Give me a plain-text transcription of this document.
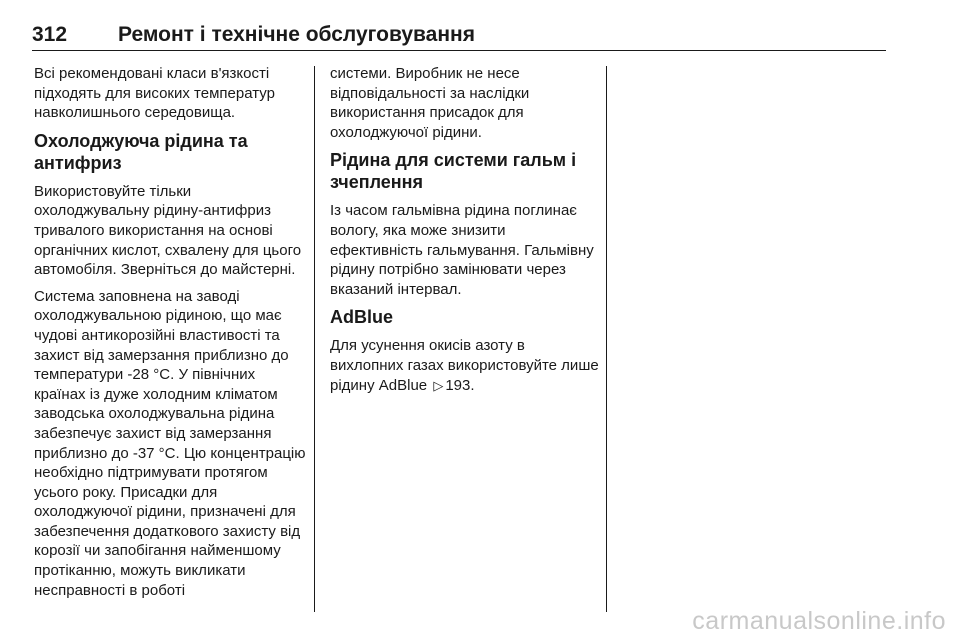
312 Ремонт і технічне обслуговування

Всі рекомендовані класи в'язкості підходять для високих температур навколишнього середовища.

Охолоджуюча рідина та антифриз

Використовуйте тільки охолоджувальну рідину-антифриз тривалого використання на основі органічних кислот, схвалену для цього автомобіля. Зверніться до майстерні.

Система заповнена на заводі охолоджувальною рідиною, що має чудові антикорозійні властивості та захист від замерзання приблизно до температури -28 °C. У північних країнах із дуже холодним кліматом заводська охолоджувальна рідина забезпечує захист від замерзання приблизно до -37 °C. Цю концентрацію необхідно підтримувати протягом усього року. Присадки для охолоджуючої рідини, призначені для забезпечення додаткового захисту від корозії чи запобігання найменшому протіканню, можуть викликати несправності в роботі

системи. Виробник не несе відповідальності за наслідки використання присадок для охолоджуючої рідини.

Рідина для системи гальм і зчеплення

Із часом гальмівна рідина поглинає вологу, яка може знизити ефективність гальмування. Гальмівну рідину потрібно замінювати через вказаний інтервал.

AdBlue

Для усунення окисів азоту в вихлопних газах використовуйте лише рідину AdBlue ▷ 193.

carmanualsonline.info
